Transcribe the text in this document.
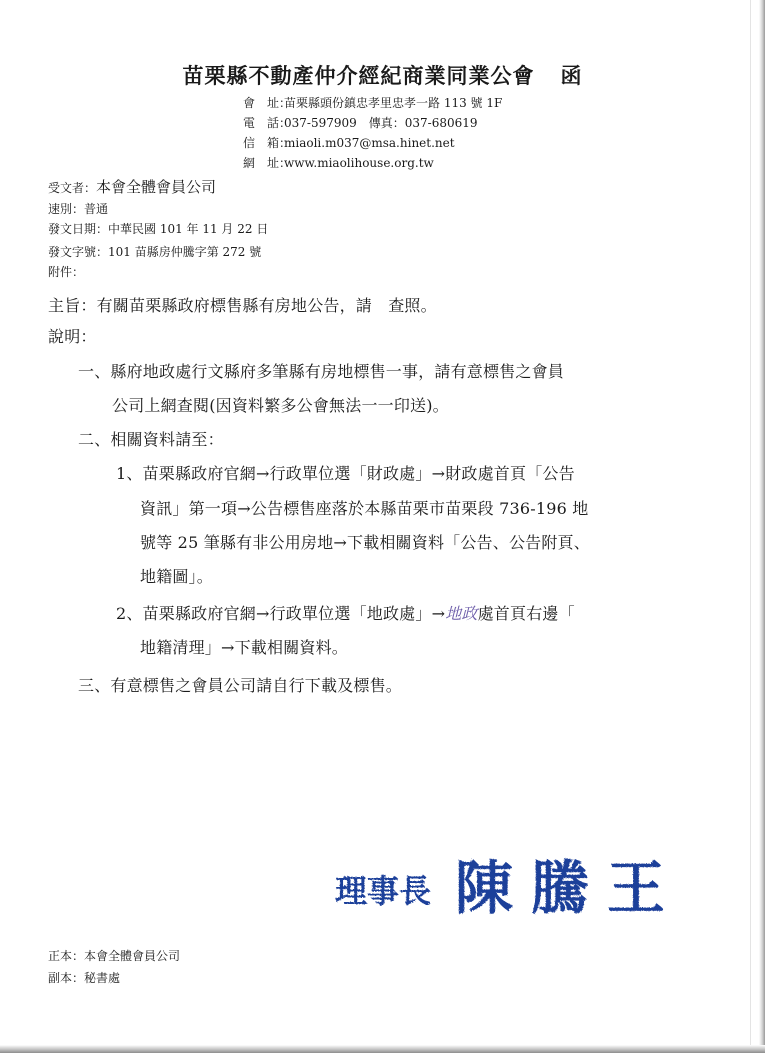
苗栗縣不動產仲介經紀商業同業公會 函
會　址：苗栗縣頭份鎮忠孝里忠孝一路 113 號 1F
電　話：037-597909　傳真：037-680619
信　箱：miaoli.m037@msa.hinet.net
網　址：www.miaolihouse.org.tw
受文者：本會全體會員公司
速別：普通
發文日期：中華民國 101 年 11 月 22 日
發文字號：101 苗縣房仲騰字第 272 號
附件：
主旨：有關苗栗縣政府標售縣有房地公告，請　查照。
說明：
一、縣府地政處行文縣府多筆縣有房地標售一事，請有意標售之會員
公司上網查閱(因資料繁多公會無法一一印送)。
二、相關資料請至：
1、苗栗縣政府官網→行政單位選「財政處」→財政處首頁「公告
資訊」第一項→公告標售座落於本縣苗栗市苗栗段 736-196 地
號等 25 筆縣有非公用房地→下載相關資料「公告、公告附頁、
地籍圖」。
2、苗栗縣政府官網→行政單位選「地政處」→地政處首頁右邊「
地籍清理」→下載相關資料。
三、有意標售之會員公司請自行下載及標售。
理事長 陳騰王
正本：本會全體會員公司
副本：秘書處
